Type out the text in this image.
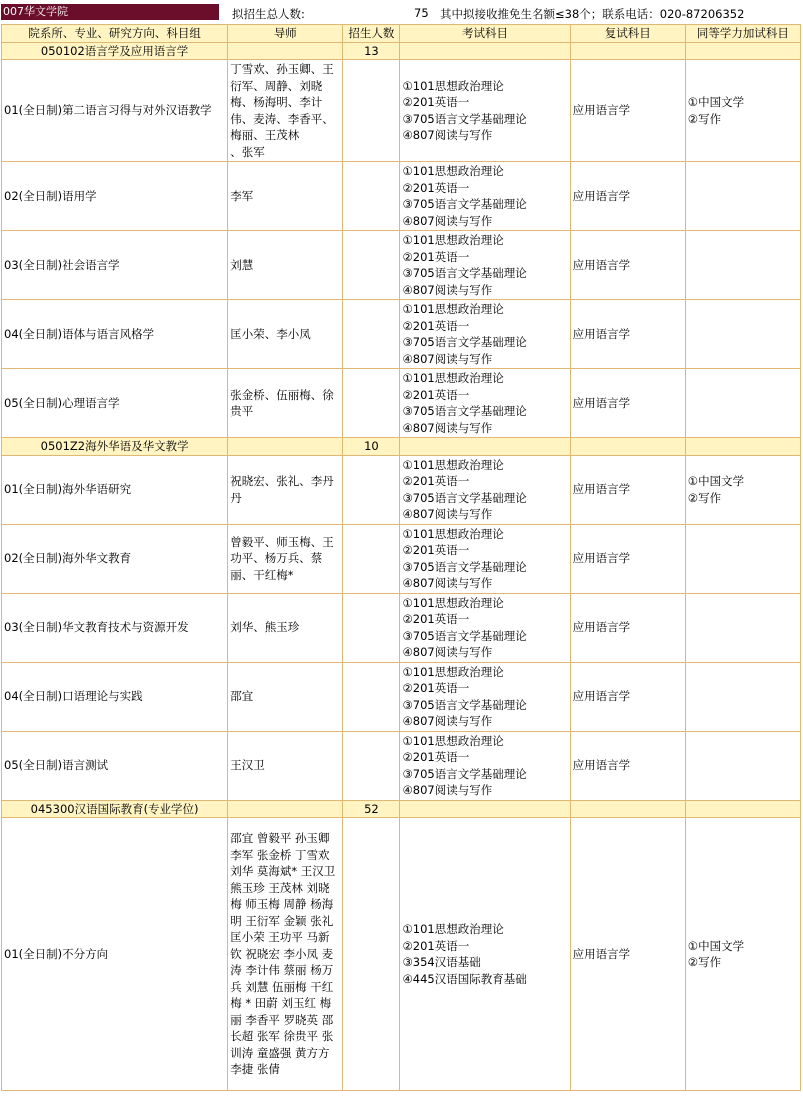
007华文学院	拟招生总人数:	75 其中拟接收推免生名额≤38个；联系电话：020-87206352
院系所、专业、研究方向、科目组	导师	招生人数	考试科目	复试科目	同等学力加试科目
050102语言学及应用语言学		13			
01(全日制)第二语言习得与对外汉语教学	丁雪欢、孙玉卿、王衍军、周静、刘晓梅、杨海明、李计伟、麦涛、李香平、梅丽、王茂林
、张军		①101思想政治理论
②201英语一
③705语言文学基础理论
④807阅读与写作	应用语言学	①中国文学
②写作
02(全日制)语用学	李军		①101思想政治理论
②201英语一
③705语言文学基础理论
④807阅读与写作	应用语言学	
03(全日制)社会语言学	刘慧		①101思想政治理论
②201英语一
③705语言文学基础理论
④807阅读与写作	应用语言学	
04(全日制)语体与语言风格学	匡小荣、李小凤		①101思想政治理论
②201英语一
③705语言文学基础理论
④807阅读与写作	应用语言学	
05(全日制)心理语言学	张金桥、伍丽梅、徐贵平		①101思想政治理论
②201英语一
③705语言文学基础理论
④807阅读与写作	应用语言学	
0501Z2海外华语及华文教学		10			
01(全日制)海外华语研究	祝晓宏、张礼、李丹丹		①101思想政治理论
②201英语一
③705语言文学基础理论
④807阅读与写作	应用语言学	①中国文学
②写作
02(全日制)海外华文教育	曾毅平、师玉梅、王功平、杨万兵、蔡丽、干红梅*		①101思想政治理论
②201英语一
③705语言文学基础理论
④807阅读与写作	应用语言学	
03(全日制)华文教育技术与资源开发	刘华、熊玉珍		①101思想政治理论
②201英语一
③705语言文学基础理论
④807阅读与写作	应用语言学	
04(全日制)口语理论与实践	邵宜		①101思想政治理论
②201英语一
③705语言文学基础理论
④807阅读与写作	应用语言学	
05(全日制)语言测试	王汉卫		①101思想政治理论
②201英语一
③705语言文学基础理论
④807阅读与写作	应用语言学	
045300汉语国际教育(专业学位)		52			
01(全日制)不分方向	邵宜 曾毅平 孙玉卿 李军 张金桥 丁雪欢 刘华 莫海斌* 王汉卫 熊玉珍 王茂林 刘晓梅 师玉梅 周静 杨海明 王衍军 金颖 张礼 匡小荣 王功平 马新钦 祝晓宏 李小凤 麦涛 李计伟 蔡丽 杨万兵 刘慧 伍丽梅 干红梅 * 田蔚 刘玉红 梅丽 李香平 罗晓英 邵长超 张军 徐贵平 张训涛 童盛强 黄方方 李捷 张倩		①101思想政治理论
②201英语一
③354汉语基础
④445汉语国际教育基础	应用语言学	①中国文学
②写作
